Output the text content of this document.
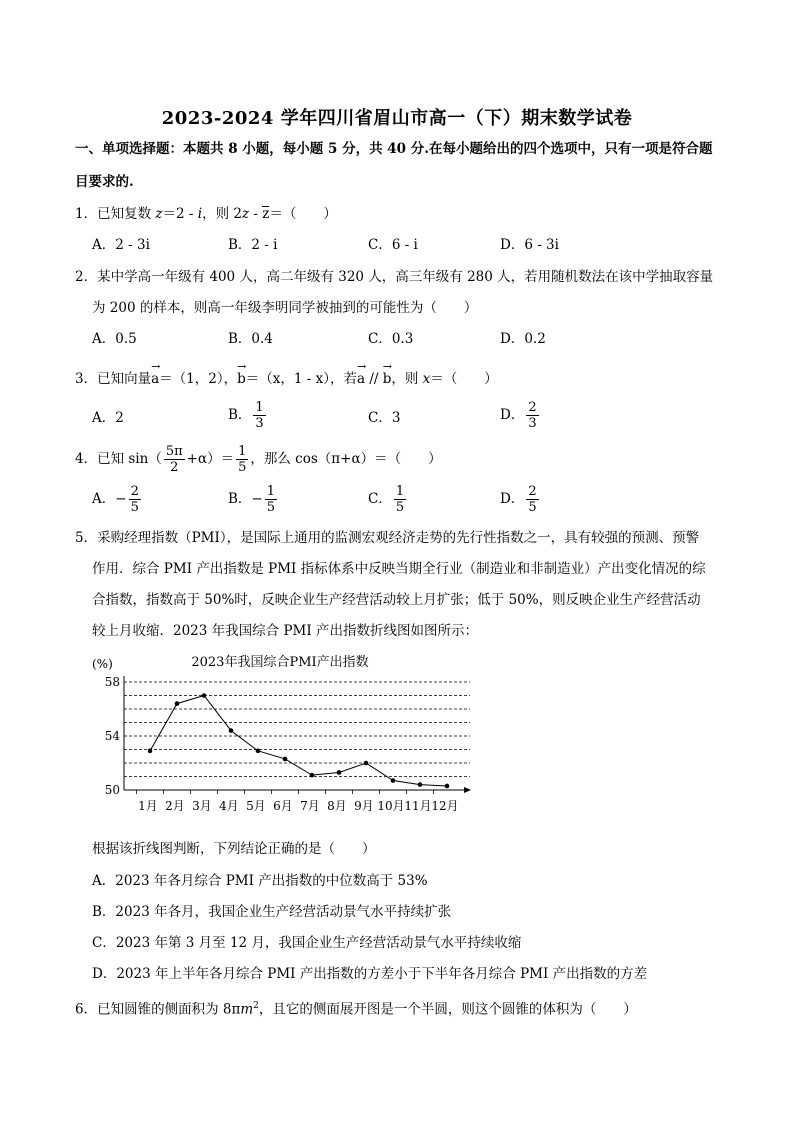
2023-2024 学年四川省眉山市高一（下）期末数学试卷
一、单项选择题：本题共 8 小题，每小题 5 分，共 40 分.在每小题给出的四个选项中，只有一项是符合题
目要求的.
1．已知复数 z＝2 - i，则 2z - z＝（　　）
A．2 - 3i	B．2 - i	C．6 - i	D．6 - 3i
2．某中学高一年级有 400 人，高二年级有 320 人，高三年级有 280 人，若用随机数法在该中学抽取容量
为 200 的样本，则高一年级李明同学被抽到的可能性为（　　）
A．0.5	B．0.4	C．0.3	D．0.2
3．已知向量→ a＝（1，2），→ b＝（x，1 - x），若→ a // → b，则 x＝（　　）
A．2	B． $\frac{1}{3}$	C．3	D． $\frac{2}{3}$
4．已知 $\sin( \frac{5\pi}{2} +\alpha)= \frac{1}{5}$ ，那么 cos（π+α）＝（　　）
A．− $\frac{2}{5}$	B．− $\frac{1}{5}$	C． $\frac{1}{5}$	D． $\frac{2}{5}$
5．采购经理指数（PMI），是国际上通用的监测宏观经济走势的先行性指数之一，具有较强的预测、预警
作用．综合 PMI 产出指数是 PMI 指标体系中反映当期全行业（制造业和非制造业）产出变化情况的综
合指数，指数高于 50%时，反映企业生产经营活动较上月扩张；低于 50%，则反映企业生产经营活动
较上月收缩．2023 年我国综合 PMI 产出指数折线图如图所示：
2023年我国综合PMI产出指数
(%)
50
54
58
1月 2月 3月 4月 5月 6月 7月 8月 9月 10月 11月 12月
根据该折线图判断，下列结论正确的是（　　）
A．2023 年各月综合 PMI 产出指数的中位数高于 53%
B．2023 年各月，我国企业生产经营活动景气水平持续扩张
C．2023 年第 3 月至 12 月，我国企业生产经营活动景气水平持续收缩
D．2023 年上半年各月综合 PMI 产出指数的方差小于下半年各月综合 PMI 产出指数的方差
6．已知圆锥的侧面积为 $8\pi m^2$，且它的侧面展开图是一个半圆，则这个圆锥的体积为（　　）
